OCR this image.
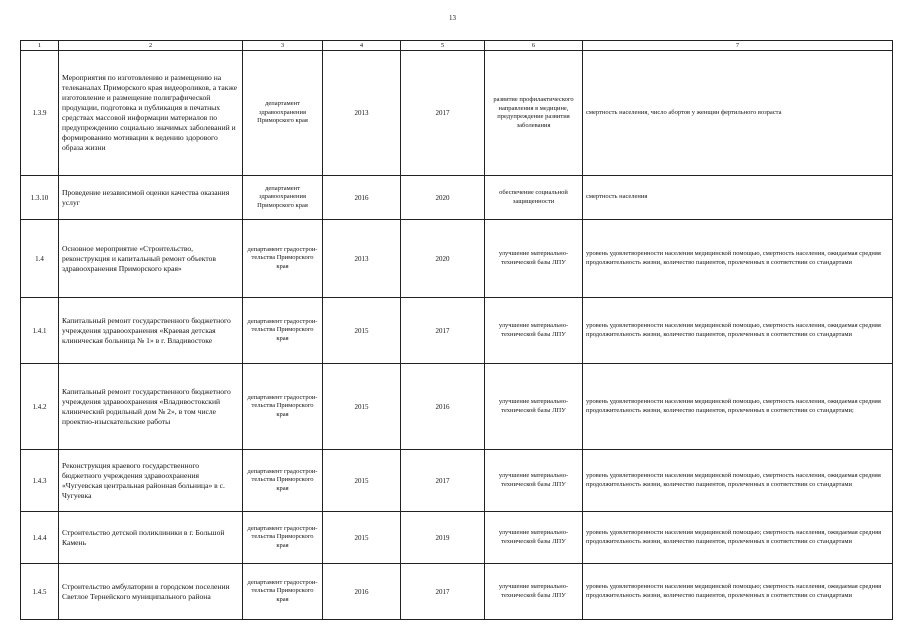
13
1	2	3	4	5	6	7
1.3.9	Мероприятия по изготовлению и размещению на телеканалах Приморского края видеороликов, а также изготовление и размещение полиграфической продукции, подготовка и публикация в печатных средствах массовой информации материалов по предупреждению социально значимых заболеваний и формированию мотивации к ведению здорового образа жизни	департамент здравоохранения Приморского края	2013	2017	развитие профилактического направления в медицине, предупреждение развития заболевания	смертность населения, число абортов у женщин фертильного возраста
1.3.10	Проведение независимой оценки качества оказания услуг	департамент здравоохранения Приморского края	2016	2020	обеспечение социальной защищенности	смертность населения
1.4	Основное мероприятие «Строительство, реконструкция и капитальный ремонт объектов здравоохранения Приморского края»	департамент градострои-тельства Приморского края	2013	2020	улучшение материально-технической базы ЛПУ	уровень удовлетворенности населения медицинской помощью, смертность населения, ожидаемая средняя продолжительность жизни, количество пациентов, пролеченных в соответствии со стандартами
1.4.1	Капитальный ремонт государственного бюджетного учреждения здравоохранения «Краевая детская клиническая больница № 1» в г. Владивостоке	департамент градострои-тельства Приморского края	2015	2017	улучшение материально-технической базы ЛПУ	уровень удовлетворенности населения медицинской помощью, смертность населения, ожидаемая средняя продолжительность жизни, количество пациентов, пролеченных в соответствии со стандартами
1.4.2	Капитальный ремонт государственного бюджетного учреждения здравоохранения «Владивостокский клинический родильный дом № 2», в том числе проектно-изыскательские работы	департамент градострои-тельства Приморского края	2015	2016	улучшение материально-технической базы ЛПУ	уровень удовлетворенности населения медицинской помощью, смертность населения, ожидаемая средняя продолжительность жизни, количество пациентов, пролеченных в соответствии со стандартами;
1.4.3	Реконструкция краевого государственного бюджетного учреждения здравоохранения «Чугуевская центральная районная больница» в с. Чугуевка	департамент градострои-тельства Приморского края	2015	2017	улучшение материально-технической базы ЛПУ	уровень удовлетворенности населения медицинской помощью, смертность населения, ожидаемая средняя продолжительность жизни, количество пациентов, пролеченных в соответствии со стандартами
1.4.4	Строительство детской поликлиники в г. Большой Камень	департамент градострои-тельства Приморского края	2015	2019	улучшение материально-технической базы ЛПУ	уровень удовлетворенности населения медицинской помощью; смертность населения, ожидаемая средняя продолжительность жизни, количество пациентов, пролеченных в соответствии со стандартами
1.4.5	Строительство амбулатории в городском поселении Светлое Тернейского муниципального района	департамент градострои-тельства Приморского края	2016	2017	улучшение материально-технической базы ЛПУ	уровень удовлетворенности населения медицинской помощью; смертность населения, ожидаемая средняя продолжительность жизни, количество пациентов, пролеченных в соответствии со стандартами
